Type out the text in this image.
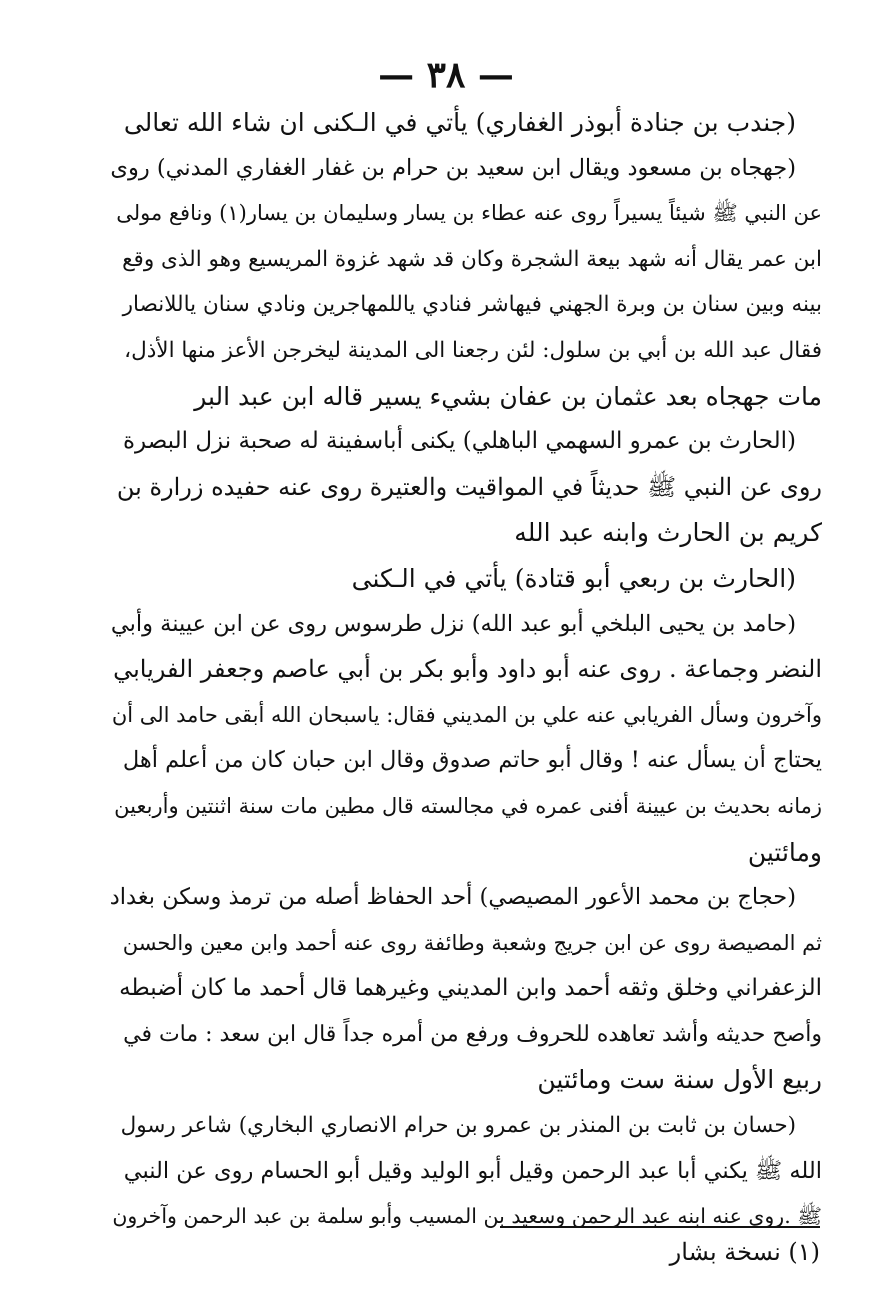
— ٣٨ —
(جندب بن جنادة أبوذر الغفاري) يأتي في الـكنى ان شاء الله تعالى
(جهجاه بن مسعود ويقال ابن سعيد بن حرام بن غفار الغفاري المدني) روى
عن النبي ﷺ شيئاً يسيراً روى عنه عطاء بن يسار وسليمان بن يسار(١) ونافع مولى
ابن عمر يقال أنه شهد بيعة الشجرة وكان قد شهد غزوة المريسيع وهو الذى وقع
بينه وبين سنان بن وبرة الجهني فيهاشر فنادي ياللمهاجرين ونادي سنان ياللانصار
فقال عبد الله بن أبي بن سلول: لئن رجعنا الى المدينة ليخرجن الأعز منها الأذل،
مات جهجاه بعد عثمان بن عفان بشيء يسير قاله ابن عبد البر
(الحارث بن عمرو السهمي الباهلي) يكنى أباسفينة له صحبة نزل البصرة
روى عن النبي ﷺ حديثاً في المواقيت والعتيرة روى عنه حفيده زرارة بن
كريم بن الحارث وابنه عبد الله
(الحارث بن ربعي أبو قتادة) يأتي في الـكنى
(حامد بن يحيى البلخي أبو عبد الله) نزل طرسوس روى عن ابن عيينة وأبي
النضر وجماعة . روى عنه أبو داود وأبو بكر بن أبي عاصم وجعفر الفريابي
وآخرون وسأل الفريابي عنه علي بن المديني فقال: ياسبحان الله أبقى حامد الى أن
يحتاج أن يسأل عنه ! وقال أبو حاتم صدوق وقال ابن حبان كان من أعلم أهل
زمانه بحديث بن عيينة أفنى عمره في مجالسته قال مطين مات سنة اثنتين وأربعين
ومائتين
(حجاج بن محمد الأعور المصيصي) أحد الحفاظ أصله من ترمذ وسكن بغداد
ثم المصيصة روى عن ابن جريج وشعبة وطائفة روى عنه أحمد وابن معين والحسن
الزعفراني وخلق وثقه أحمد وابن المديني وغيرهما قال أحمد ما كان أضبطه
وأصح حديثه وأشد تعاهده للحروف ورفع من أمره جداً قال ابن سعد : مات في
ربيع الأول سنة ست ومائتين
(حسان بن ثابت بن المنذر بن عمرو بن حرام الانصاري البخاري) شاعر رسول
الله ﷺ يكني أبا عبد الرحمن وقيل أبو الوليد وقيل أبو الحسام روى عن النبي
ﷺ .روى عنه ابنه عبد الرحمن وسعيد بن المسيب وأبو سلمة بن عبد الرحمن وآخرون
(١) نسخة بشار
